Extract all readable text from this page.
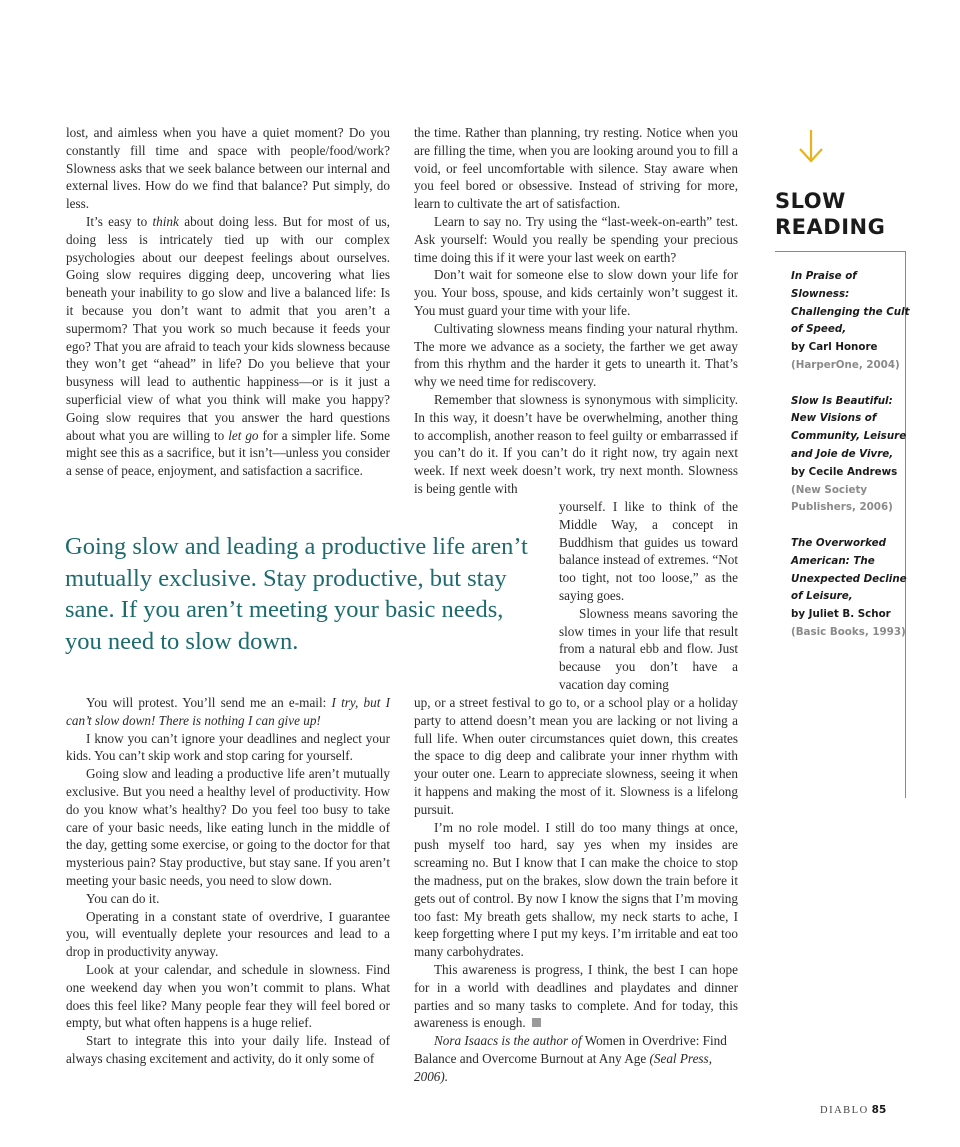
lost, and aimless when you have a quiet moment? Do you constantly fill time and space with people/food/work? Slowness asks that we seek balance between our internal and external lives. How do we find that balance? Put simply, do less.

It’s easy to think about doing less. But for most of us, doing less is intricately tied up with our complex psychologies about our deepest feelings about ourselves. Going slow requires digging deep, uncovering what lies beneath your inability to go slow and live a balanced life: Is it because you don’t want to admit that you aren’t a supermom? That you work so much because it feeds your ego? That you are afraid to teach your kids slowness because they won’t get “ahead” in life? Do you believe that your busyness will lead to authentic happiness—or is it just a superficial view of what you think will make you happy? Going slow requires that you answer the hard questions about what you are willing to let go for a simpler life. Some might see this as a sacrifice, but it isn’t—unless you consider a sense of peace, enjoyment, and satisfaction a sacrifice.

the time. Rather than planning, try resting. Notice when you are filling the time, when you are looking around you to fill a void, or feel uncomfortable with silence. Stay aware when you feel bored or obsessive. Instead of striving for more, learn to cultivate the art of satisfaction.

Learn to say no. Try using the “last-week-on-earth” test. Ask yourself: Would you really be spending your precious time doing this if it were your last week on earth?

Don’t wait for someone else to slow down your life for you. Your boss, spouse, and kids certainly won’t suggest it. You must guard your time with your life.

Cultivating slowness means finding your natural rhythm. The more we advance as a society, the farther we get away from this rhythm and the harder it gets to unearth it. That’s why we need time for rediscovery.

Remember that slowness is synonymous with simplicity. In this way, it doesn’t have be overwhelming, another thing to accomplish, another reason to feel guilty or embarrassed if you can’t do it. If you can’t do it right now, try again next week. If next week doesn’t work, try next month. Slowness is being gentle with

yourself. I like to think of the Middle Way, a concept in Buddhism that guides us toward balance instead of extremes. “Not too tight, not too loose,” as the saying goes.

Slowness means savoring the slow times in your life that result from a natural ebb and flow. Just because you don’t have a vacation day coming

Going slow and leading a productive life aren’t mutually exclusive. Stay productive, but stay sane. If you aren’t meeting your basic needs, you need to slow down.

You will protest. You’ll send me an e-mail: I try, but I can’t slow down! There is nothing I can give up!

I know you can’t ignore your deadlines and neglect your kids. You can’t skip work and stop caring for yourself.

Going slow and leading a productive life aren’t mutually exclusive. But you need a healthy level of productivity. How do you know what’s healthy? Do you feel too busy to take care of your basic needs, like eating lunch in the middle of the day, getting some exercise, or going to the doctor for that mysterious pain? Stay productive, but stay sane. If you aren’t meeting your basic needs, you need to slow down.

You can do it.

Operating in a constant state of overdrive, I guarantee you, will eventually deplete your resources and lead to a drop in productivity anyway.

Look at your calendar, and schedule in slowness. Find one weekend day when you won’t commit to plans. What does this feel like? Many people fear they will feel bored or empty, but what often happens is a huge relief.

Start to integrate this into your daily life. Instead of always chasing excitement and activity, do it only some of

up, or a street festival to go to, or a school play or a holiday party to attend doesn’t mean you are lacking or not living a full life. When outer circumstances quiet down, this creates the space to dig deep and calibrate your inner rhythm with your outer one. Learn to appreciate slowness, seeing it when it happens and making the most of it. Slowness is a lifelong pursuit.

I’m no role model. I still do too many things at once, push myself too hard, say yes when my insides are screaming no. But I know that I can make the choice to stop the madness, put on the brakes, slow down the train before it gets out of control. By now I know the signs that I’m moving too fast: My breath gets shallow, my neck starts to ache, I keep forgetting where I put my keys. I’m irritable and eat too many carbohydrates.

This awareness is progress, I think, the best I can hope for in a world with deadlines and playdates and dinner parties and so many tasks to complete. And for today, this awareness is enough.

Nora Isaacs is the author of Women in Overdrive: Find Balance and Overcome Burnout at Any Age (Seal Press, 2006).

SLOW
READING
In Praise of Slowness: Challenging the Cult of Speed,
by Carl Honore
(HarperOne, 2004)
Slow Is Beautiful: New Visions of Community, Leisure and Joie de Vivre,
by Cecile Andrews
(New Society Publishers, 2006)
The Overworked American: The Unexpected Decline of Leisure,
by Juliet B. Schor
(Basic Books, 1993)
DIABLO 85
